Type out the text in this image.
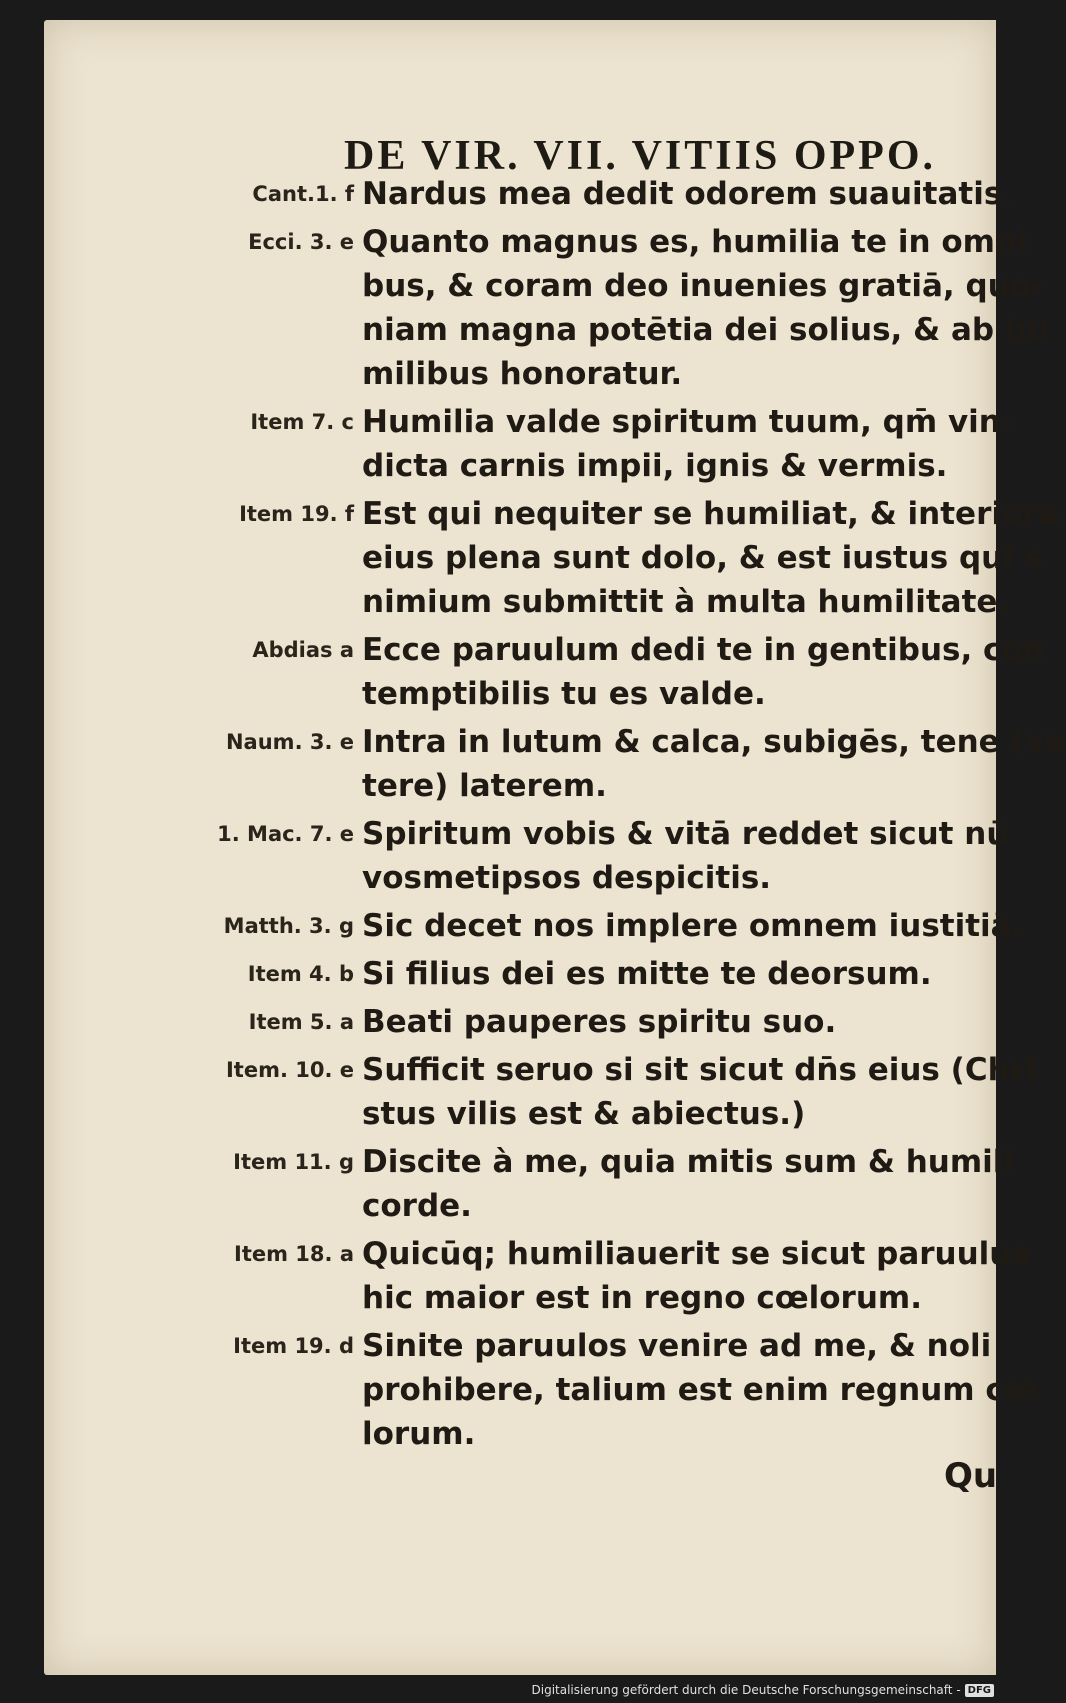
DE VIR. VII. VITIIS OPPO.
Cant.1. f Nardus mea dedit odorem suauitatis.
Ecci. 3. e Quanto magnus es, humilia te in omni
bus, & coram deo inuenies gratiā, quo-
niam magna potētia dei solius, & ab hu
milibus honoratur.
Item 7. c Humilia valde spiritum tuum, qm̄ vin-
dicta carnis impii, ignis & vermis.
Item 19. f Est qui nequiter se humiliat, & interiora
eius plena sunt dolo, & est iustus qui s
nimium submittit à multa humilitate.
Abdias a Ecce paruulum dedi te in gentibus, con
temptibilis tu es valde.
Naum. 3. e Intra in lutum & calca, subigēs, tene (ve
tere) laterem.
1. Mac. 7. e Spiritum vobis & vitā reddet sicut nū
vosmetipsos despicitis.
Matth. 3. g Sic decet nos implere omnem iustitiā.
Item 4. b Si filius dei es mitte te deorsum.
Item 5. a Beati pauperes spiritu suo.
Item. 10. e Sufficit seruo si sit sicut dn̄s eius (Chri
stus vilis est & abiectus.)
Item 11. g Discite à me, quia mitis sum & humili
corde.
Item 18. a Quicūq; humiliauerit se sicut paruulus
hic maior est in regno cœlorum.
Item 19. d Sinite paruulos venire ad me, & noli
prohibere, talium est enim regnum cœ
lorum.
Qu
Digitalisierung gefördert durch die Deutsche Forschungsgemeinschaft - DFG
